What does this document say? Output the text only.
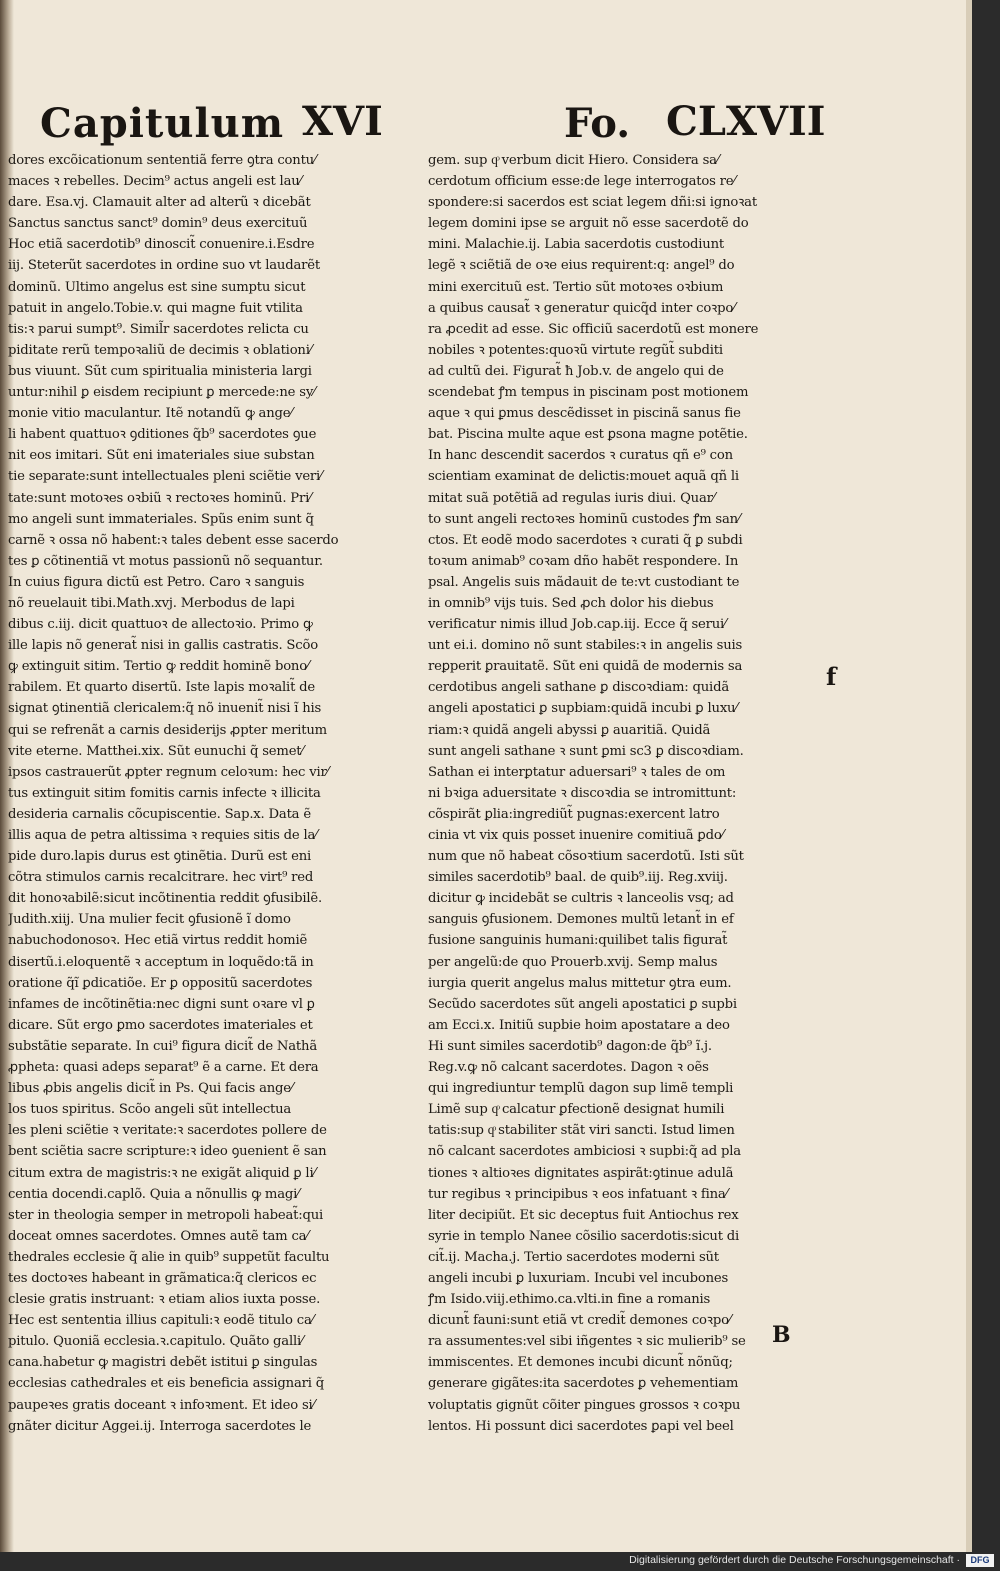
Capitulum XVI	Fo. CLXVII
dores excõicationum sententiã ferre ꝯtra contu⁄
maces ꝛ rebelles. Decim⁹ actus angeli est lau⁄
dare. Esa.vj. Clamauit alter ad alterũ ꝛ dicebãt
Sanctus sanctus sanct⁹ domin⁹ deus exercituũ
Hoc etiã sacerdotib⁹ dinoscit̃ conuenire.i.Esdre
iij. Steterũt sacerdotes in ordine suo vt laudarẽt
dominũ. Ultimo angelus est sine sumptu sicut
patuit in angelo.Tobie.v. qui magne fuit vtilita
tis:ꝛ parui sumpt⁹. Simil̃r sacerdotes relicta cu
piditate rerũ tempoꝛaliũ de decimis ꝛ oblationi⁄
bus viuunt. Sũt cum spiritualia ministeria largi
untur:nihil ꝑ eisdem recipiunt ꝑ mercede:ne sy⁄
monie vitio maculantur. Itẽ notandũ ꝙ ange⁄
li habent quattuoꝛ ꝯditiones q̃b⁹ sacerdotes ꝯue
nit eos imitari. Sũt eni imateriales siue substan
tie separate:sunt intellectuales pleni sciẽtie veri⁄
tate:sunt motoꝛes oꝛbiũ ꝛ rectoꝛes hominũ. Pri⁄
mo angeli sunt immateriales. Spũs enim sunt q̃
carnẽ ꝛ ossa nõ habent:ꝛ tales debent esse sacerdo
tes ꝑ cõtinentiã vt motus passionũ nõ sequantur.
In cuius figura dictũ est Petro. Caro ꝛ sanguis
nõ reuelauit tibi.Math.xvj. Merbodus de lapi
dibus c.iij. dicit quattuoꝛ de allectoꝛio. Primo ꝙ
ille lapis nõ generat̃ nisi in gallis castratis. Scõo
ꝙ extinguit sitim. Tertio ꝙ reddit hominẽ bono⁄
rabilem. Et quarto disertũ. Iste lapis moꝛalit̃ de
signat ꝯtinentiã clericalem:q̃ nõ inuenit̃ nisi ĩ his
qui se refrenãt a carnis desiderijs ꝓpter meritum
vite eterne. Matthei.xix. Sũt eunuchi q̃ semet⁄
ipsos castrauerũt ꝓpter regnum celoꝛum: hec vir⁄
tus extinguit sitim fomitis carnis infecte ꝛ illicita
desideria carnalis cõcupiscentie. Sap.x. Data ẽ
illis aqua de petra altissima ꝛ requies sitis de la⁄
pide duro.lapis durus est ꝯtinẽtia. Durũ est eni
cõtra stimulos carnis recalcitrare. hec virt⁹ red
dit honoꝛabilẽ:sicut incõtinentia reddit ꝯfusibilẽ.
Judith.xiij. Una mulier fecit ꝯfusionẽ ĩ domo
nabuchodonosoꝛ. Hec etiã virtus reddit homiẽ
disertũ.i.eloquentẽ ꝛ acceptum in loquẽdo:tã in
oratione q̃ĩ ꝑdicatiõe. Er ꝑ oppositũ sacerdotes
infames de incõtinẽtia:nec digni sunt oꝛare vl ꝑ
dicare. Sũt ergo ꝑmo sacerdotes imateriales et
substãtie separate. In cui⁹ figura dicit̃ de Nathã
ꝓpheta: quasi adeps separat⁹ ẽ a carne. Et dera
libus ꝓbis angelis dicit̃ in Ps. Qui facis ange⁄
los tuos spiritus. Scõo angeli sũt intellectua
les pleni sciẽtie ꝛ veritate:ꝛ sacerdotes pollere de
bent sciẽtia sacre scripture:ꝛ ideo ꝯuenient ẽ san
citum extra de magistris:ꝛ ne exigãt aliquid ꝑ li⁄
centia docendi.caplõ. Quia a nõnullis ꝙ magi⁄
ster in theologia semper in metropoli habeat̃:qui
doceat omnes sacerdotes. Omnes autẽ tam ca⁄
thedrales ecclesie q̃ alie in quib⁹ suppetũt facultu
tes doctoꝛes habeant in grãmatica:q̃ clericos ec
clesie gratis instruant: ꝛ etiam alios iuxta posse.
Hec est sententia illius capituli:ꝛ eodẽ titulo ca⁄
pitulo. Quoniã ecclesia.ꝛ.capitulo. Quãto galli⁄
cana.habetur ꝙ magistri debẽt istitui ꝑ singulas
ecclesias cathedrales et eis beneficia assignari q̃
paupeꝛes gratis doceant ꝛ infoꝛment. Et ideo si⁄
gnãter dicitur Aggei.ij. Interroga sacerdotes le
gem. sup qͦ verbum dicit Hiero. Considera sa⁄
cerdotum officium esse:de lege interrogatos re⁄
spondere:si sacerdos est sciat legem dñi:si ignoꝛat
legem domini ipse se arguit nõ esse sacerdotẽ do
mini. Malachie.ij. Labia sacerdotis custodiunt
legẽ ꝛ sciẽtiã de oꝛe eius requirent:q: angel⁹ do
mini exercituũ est. Tertio sũt motoꝛes oꝛbium
a quibus causat̃ ꝛ generatur quicq̃d inter coꝛpo⁄
ra ꝓcedit ad esse. Sic officiũ sacerdotũ est monere
nobiles ꝛ potentes:quoꝛũ virtute regũt̃ subditi
ad cultũ dei. Figurat̃ ħ Job.v. de angelo qui de
scendebat ꝭm tempus in piscinam post motionem
aque ꝛ qui ꝑmus descẽdisset in piscinã sanus fie
bat. Piscina multe aque est ꝑsona magne potẽtie.
In hanc descendit sacerdos ꝛ curatus qñ e⁹ con
scientiam examinat de delictis:mouet aquã qñ li
mitat suã potẽtiã ad regulas iuris diui. Quar⁄
to sunt angeli rectoꝛes hominũ custodes ꝭm san⁄
ctos. Et eodẽ modo sacerdotes ꝛ curati q̃ ꝑ subdi
toꝛum animab⁹ coꝛam dño habẽt respondere. In
psal. Angelis suis mãdauit de te:vt custodiant te
in omnib⁹ vijs tuis. Sed ꝓch dolor his diebus
verificatur nimis illud Job.cap.iij. Ecce q̃ serui⁄
unt ei.i. domino nõ sunt stabiles:ꝛ in angelis suis
reꝑperit ꝑrauitatẽ. Sũt eni quidã de modernis sa
cerdotibus angeli sathane ꝑ discoꝛdiam: quidã
angeli apostatici ꝑ supbiam:quidã incubi ꝑ luxu⁄
riam:ꝛ quidã angeli abyssi ꝑ auaritiã. Quidã
sunt angeli sathane ꝛ sunt ꝑmi sc3 ꝑ discoꝛdiam.
Sathan ei interꝑtatur aduersari⁹ ꝛ tales de om
ni bꝛiga aduersitate ꝛ discoꝛdia se intromittunt:
cõspirãt ꝑlia:ingrediũt̃ pugnas:exercent latro
cinia vt vix quis posset inuenire comitiuã ꝑdo⁄
num que nõ habeat cõsoꝛtium sacerdotũ. Isti sũt
similes sacerdotib⁹ baal. de quib⁹.iij. Reg.xviij.
dicitur ꝙ incidebãt se cultris ꝛ lanceolis vsq; ad
sanguis ꝯfusionem. Demones multũ letant̃ in ef
fusione sanguinis humani:quilibet talis figurat̃
per angelũ:de quo Prouerb.xvij. Semp malus
iurgia querit angelus malus mittetur ꝯtra eum.
Secũdo sacerdotes sũt angeli apostatici ꝑ supbi
am Ecci.x. Initiũ supbie hoim apostatare a deo
Hi sunt similes sacerdotib⁹ dagon:de q̃b⁹ ĩ.j.
Reg.v.ꝙ nõ calcant sacerdotes. Dagon ꝛ oẽs
qui ingrediuntur templũ dagon sup limẽ templi
Limẽ sup qͦ calcatur ꝑfectionẽ designat humili
tatis:sup qͦ stabiliter stãt viri sancti. Istud limen
nõ calcant sacerdotes ambiciosi ꝛ supbi:q̃ ad pla
tiones ꝛ altioꝛes dignitates aspirãt:ꝯtinue adulã
tur regibus ꝛ principibus ꝛ eos infatuant ꝛ fina⁄
liter decipiũt. Et sic deceptus fuit Antiochus rex
syrie in templo Nanee cõsilio sacerdotis:sicut di
cit̃.ij. Macha.j. Tertio sacerdotes moderni sũt
angeli incubi ꝑ luxuriam. Incubi vel incubones
ꝭm Isido.viij.ethimo.ca.vlti.in fine a romanis
dicunt̃ fauni:sunt etiã vt credit̃ demones coꝛpo⁄
ra assumentes:vel sibi iñgentes ꝛ sic mulierib⁹ se
immiscentes. Et demones incubi dicunt̃ nõnũq;
generare gigãtes:ita sacerdotes ꝑ vehementiam
voluptatis gignũt cõiter pingues grossos ꝛ coꝛpu
lentos. Hi possunt dici sacerdotes ꝑapi vel beel
f
B
Digitalisierung gefördert durch die Deutsche Forschungsgemeinschaft ·	DFG
